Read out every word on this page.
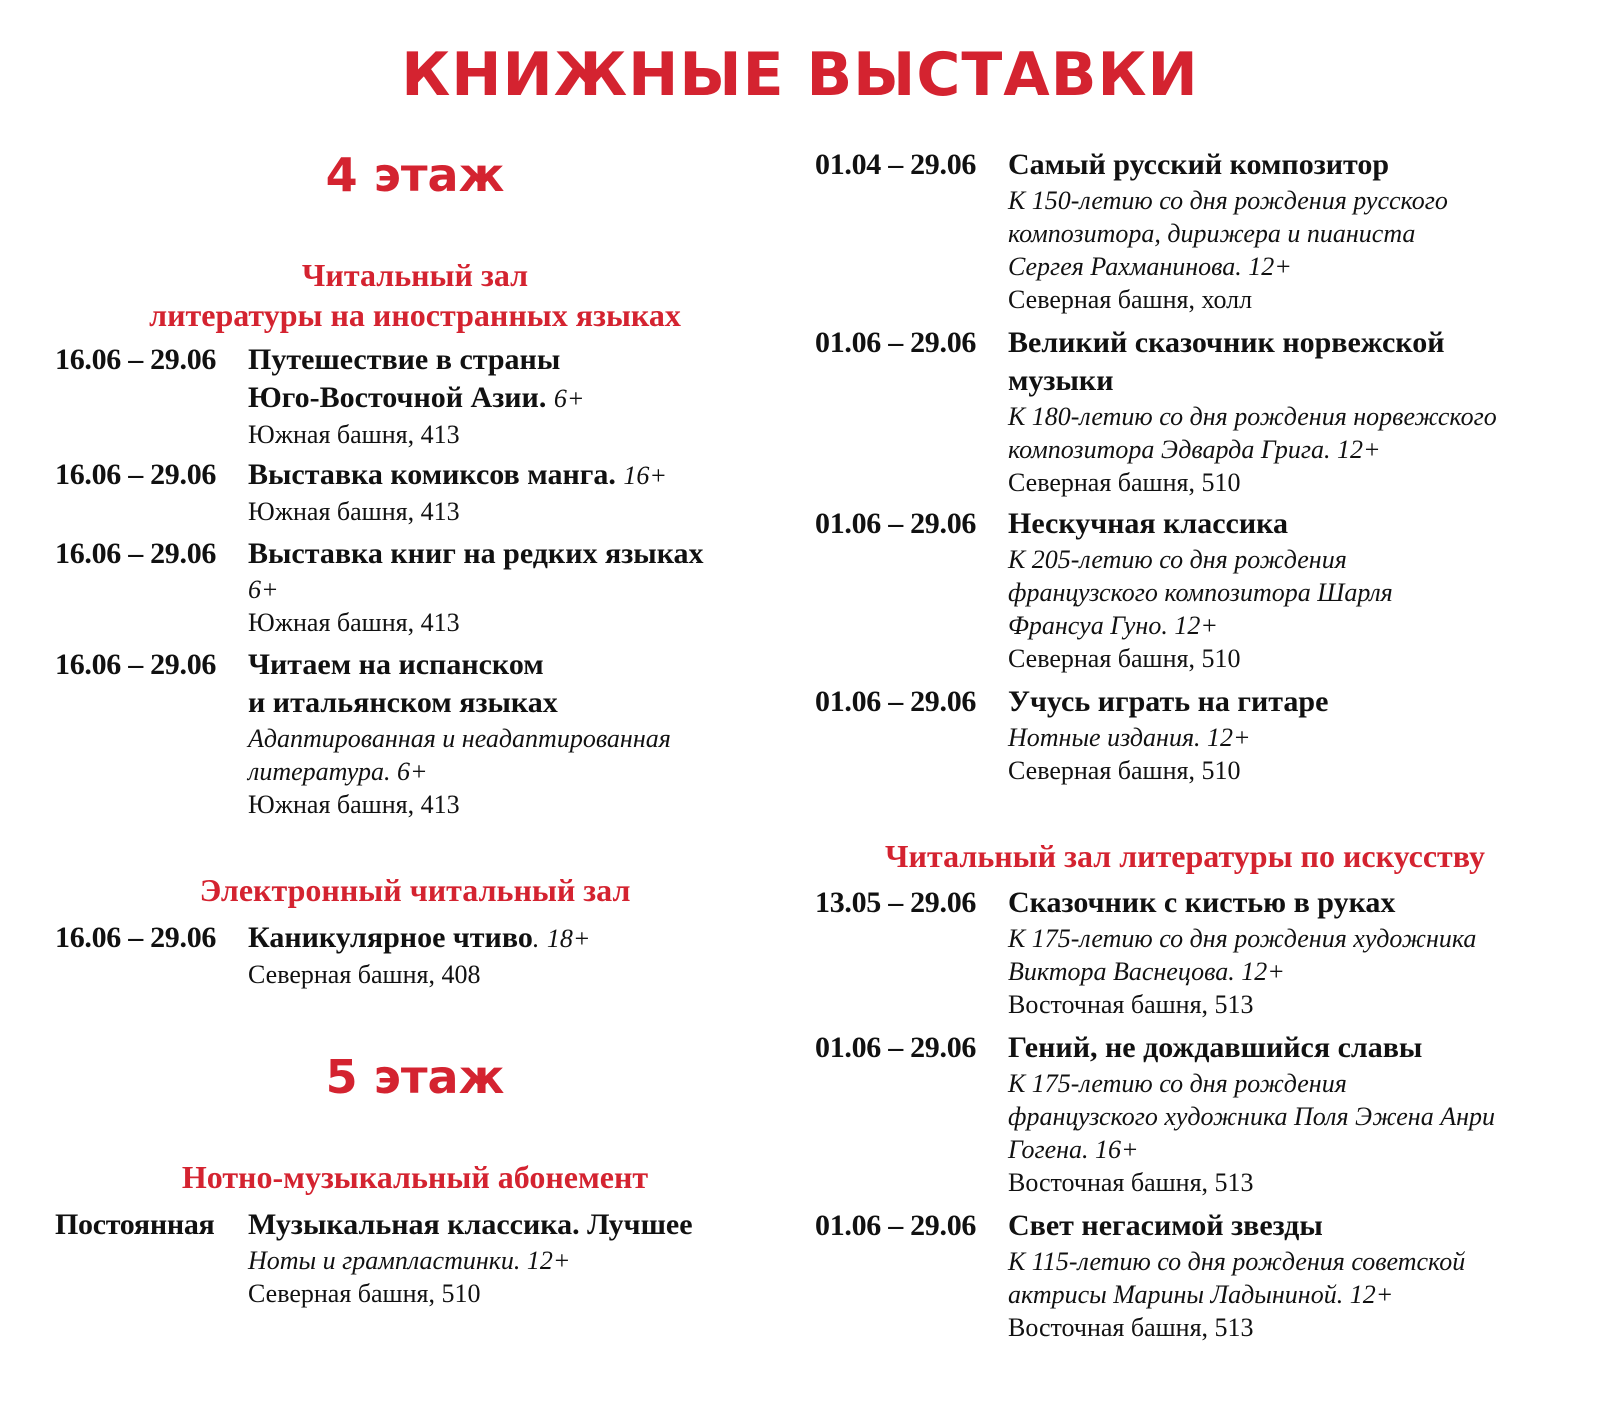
КНИЖНЫЕ ВЫСТАВКИ
4 этаж
Читальный зал
литературы на иностранных языках
16.06 – 29.06	Путешествие в страны
Юго-Восточной Азии. 6+
Южная башня, 413
16.06 – 29.06	Выставка комиксов манга. 16+
Южная башня, 413
16.06 – 29.06	Выставка книг на редких языках
6+
Южная башня, 413
16.06 – 29.06	Читаем на испанском
и итальянском языках
Адаптированная и неадаптированная
литература. 6+
Южная башня, 413
Электронный читальный зал
16.06 – 29.06	Каникулярное чтиво. 18+
Северная башня, 408
5 этаж
Нотно-музыкальный абонемент
Постоянная	Музыкальная классика. Лучшее
Ноты и грампластинки. 12+
Северная башня, 510
01.04 – 29.06	Самый русский композитор
К 150-летию со дня рождения русского
композитора, дирижера и пианиста
Сергея Рахманинова. 12+
Северная башня, холл
01.06 – 29.06	Великий сказочник норвежской
музыки
К 180-летию со дня рождения норвежского
композитора Эдварда Грига. 12+
Северная башня, 510
01.06 – 29.06	Нескучная классика
К 205-летию со дня рождения
французского композитора Шарля
Франсуа Гуно. 12+
Северная башня, 510
01.06 – 29.06	Учусь играть на гитаре
Нотные издания. 12+
Северная башня, 510
Читальный зал литературы по искусству
13.05 – 29.06	Сказочник с кистью в руках
К 175-летию со дня рождения художника
Виктора Васнецова. 12+
Восточная башня, 513
01.06 – 29.06	Гений, не дождавшийся славы
К 175-летию со дня рождения
французского художника Поля Эжена Анри
Гогена. 16+
Восточная башня, 513
01.06 – 29.06	Свет негасимой звезды
К 115-летию со дня рождения советской
актрисы Марины Ладыниной. 12+
Восточная башня, 513
